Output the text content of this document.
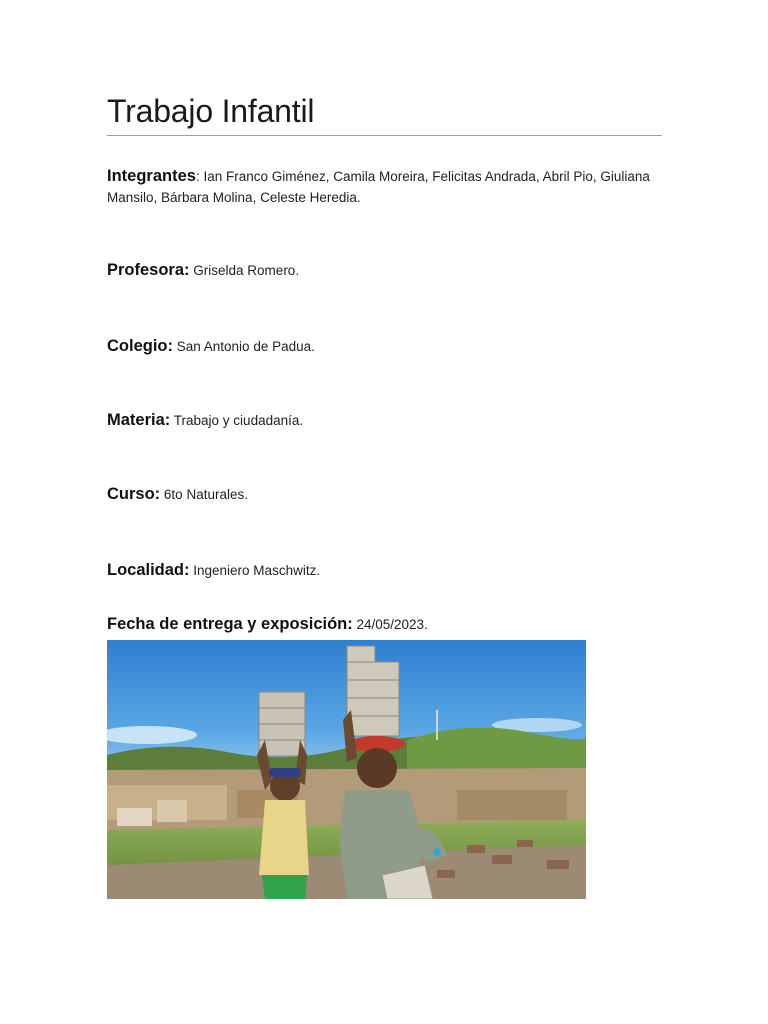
Trabajo Infantil
Integrantes: Ian Franco Giménez, Camila Moreira, Felicitas Andrada, Abril Pio, Giuliana Mansilo, Bárbara Molina, Celeste Heredia.
Profesora: Griselda Romero.
Colegio: San Antonio de Padua.
Materia: Trabajo y ciudadanía.
Curso: 6to Naturales.
Localidad: Ingeniero Maschwitz.
Fecha de entrega y exposición: 24/05/2023.
